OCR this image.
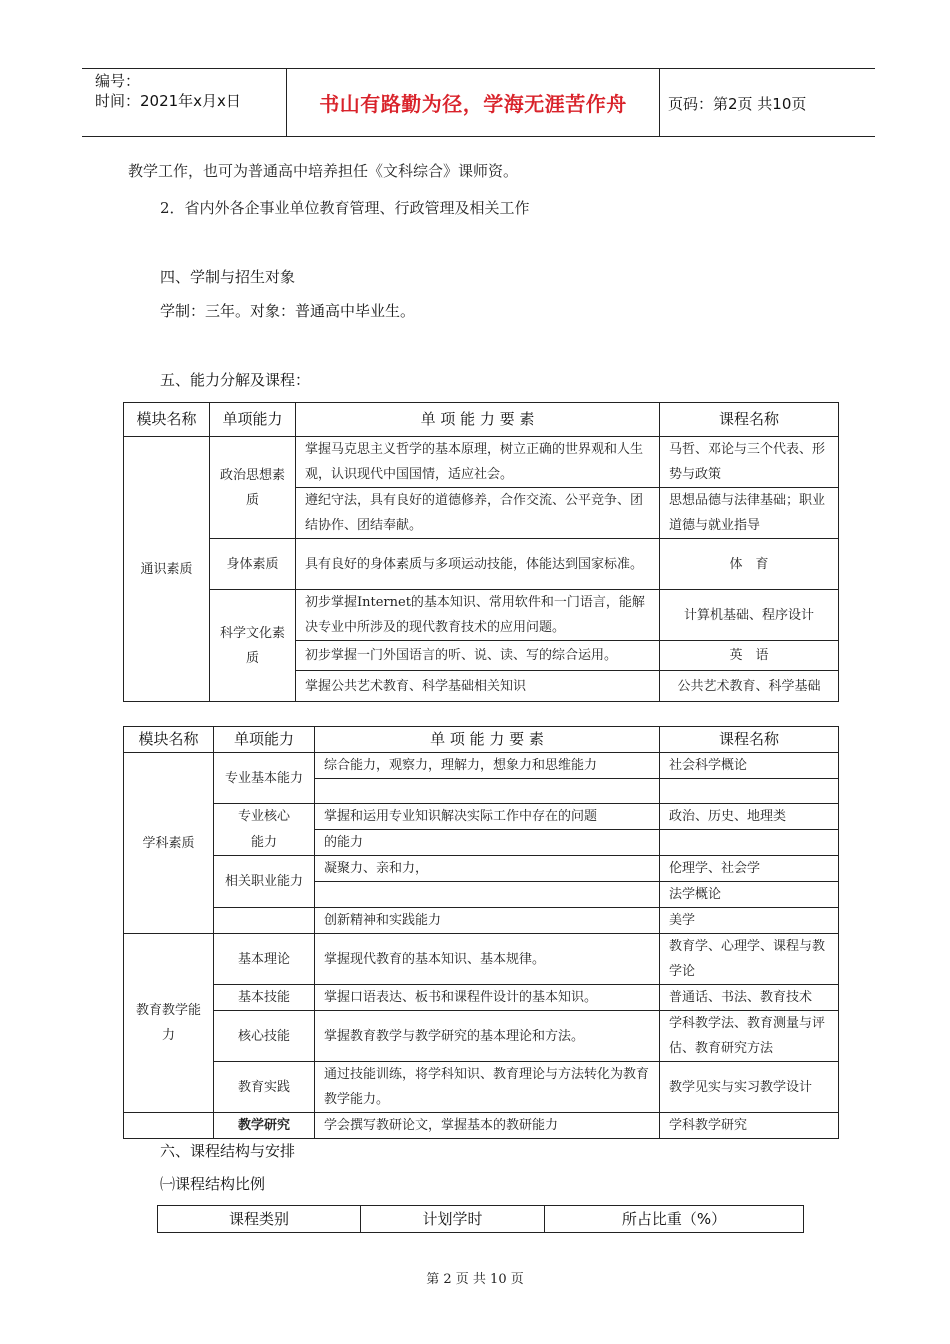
编号：
时间：2021年x月x日	书山有路勤为径，学海无涯苦作舟	页码：第2页 共10页
教学工作，也可为普通高中培养担任《文科综合》课师资。
2．省内外各企事业单位教育管理、行政管理及相关工作
四、学制与招生对象
学制：三年。对象：普通高中毕业生。
五、能力分解及课程：
模块名称	单项能力	单 项 能 力 要 素	课程名称
通识素质	政治思想素质	掌握马克思主义哲学的基本原理，树立正确的世界观和人生观，认识现代中国国情，适应社会。	马哲、邓论与三个代表、形势与政策
		遵纪守法，具有良好的道德修养，合作交流、公平竞争、团结协作、团结奉献。	思想品德与法律基础；职业道德与就业指导
	身体素质	具有良好的身体素质与多项运动技能，体能达到国家标准。	体　育
	科学文化素质	初步掌握Internet的基本知识、常用软件和一门语言，能解决专业中所涉及的现代教育技术的应用问题。	计算机基础、程序设计
		初步掌握一门外国语言的听、说、读、写的综合运用。	英　语
		掌握公共艺术教育、科学基础相关知识	公共艺术教育、科学基础
模块名称	单项能力	单 项 能 力 要 素	课程名称
学科素质	专业基本能力	综合能力，观察力，理解力，想象力和思维能力	社会科学概论

	专业核心	掌握和运用专业知识解决实际工作中存在的问题	政治、历史、地理类
	能力	的能力	
	相关职业能力	凝聚力、亲和力，	伦理学、社会学
			法学概论
		创新精神和实践能力	美学
教育教学能力	基本理论	掌握现代教育的基本知识、基本规律。	教育学、心理学、课程与教学论
	基本技能	掌握口语表达、板书和课程件设计的基本知识。	普通话、书法、教育技术
	核心技能	掌握教育教学与教学研究的基本理论和方法。	学科教学法、教育测量与评估、教育研究方法
	教育实践	通过技能训练，将学科知识、教育理论与方法转化为教育教学能力。	教学见实与实习教学设计
	教学研究	学会撰写教研论文，掌握基本的教研能力	学科教学研究
六、课程结构与安排
㈠课程结构比例
课程类别	计划学时	所占比重（%）
第 2 页 共 10 页
